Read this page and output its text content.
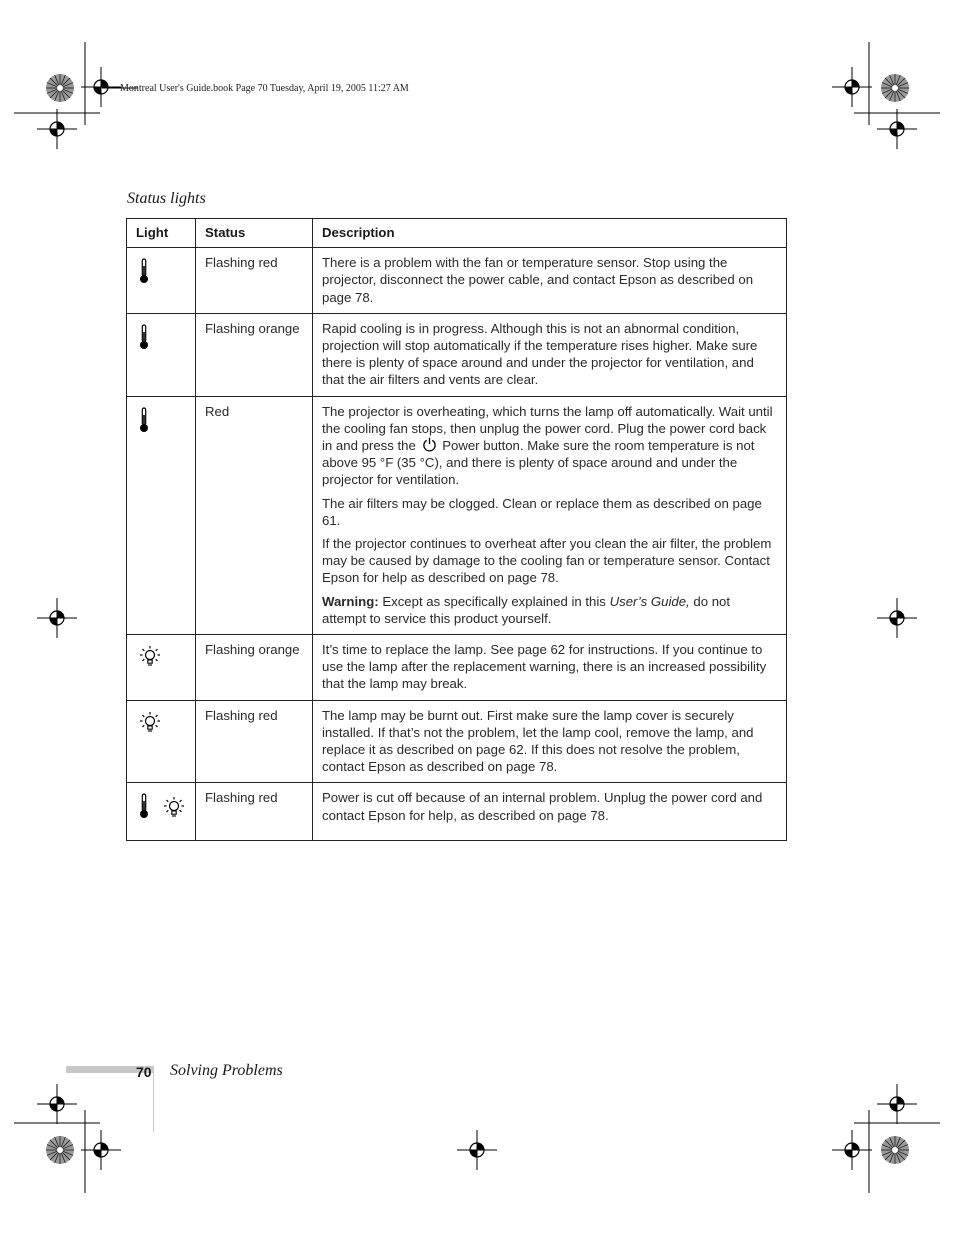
Montreal User's Guide.book Page 70 Tuesday, April 19, 2005 11:27 AM
Status lights
Light	Status	Description
	Flashing red	There is a problem with the fan or temperature sensor. Stop using the projector, disconnect the power cable, and contact Epson as described on page 78.

	Flashing orange	Rapid cooling is in progress. Although this is not an abnormal condition, projection will stop automatically if the temperature rises higher. Make sure there is plenty of space around and under the projector for ventilation, and that the air filters and vents are clear.

	Red	The projector is overheating, which turns the lamp off automatically. Wait until the cooling fan stops, then unplug the power cord. Plug the power cord back in and press the Power button. Make sure the room temperature is not above 95 °F (35 °C), and there is plenty of space around and under the projector for ventilation.

The air filters may be clogged. Clean or replace them as described on page 61.

If the projector continues to overheat after you clean the air filter, the problem may be caused by damage to the cooling fan or temperature sensor. Contact Epson for help as described on page 78.

Warning: Except as specifically explained in this User’s Guide, do not attempt to service this product yourself.

	Flashing orange	It’s time to replace the lamp. See page 62 for instructions. If you continue to use the lamp after the replacement warning, there is an increased possibility that the lamp may break.

	Flashing red	The lamp may be burnt out. First make sure the lamp cover is securely installed. If that’s not the problem, let the lamp cool, remove the lamp, and replace it as described on page 62. If this does not resolve the problem, contact Epson as described on page 78.

	Flashing red	Power is cut off because of an internal problem. Unplug the power cord and contact Epson for help, as described on page 78.

70 Solving Problems
